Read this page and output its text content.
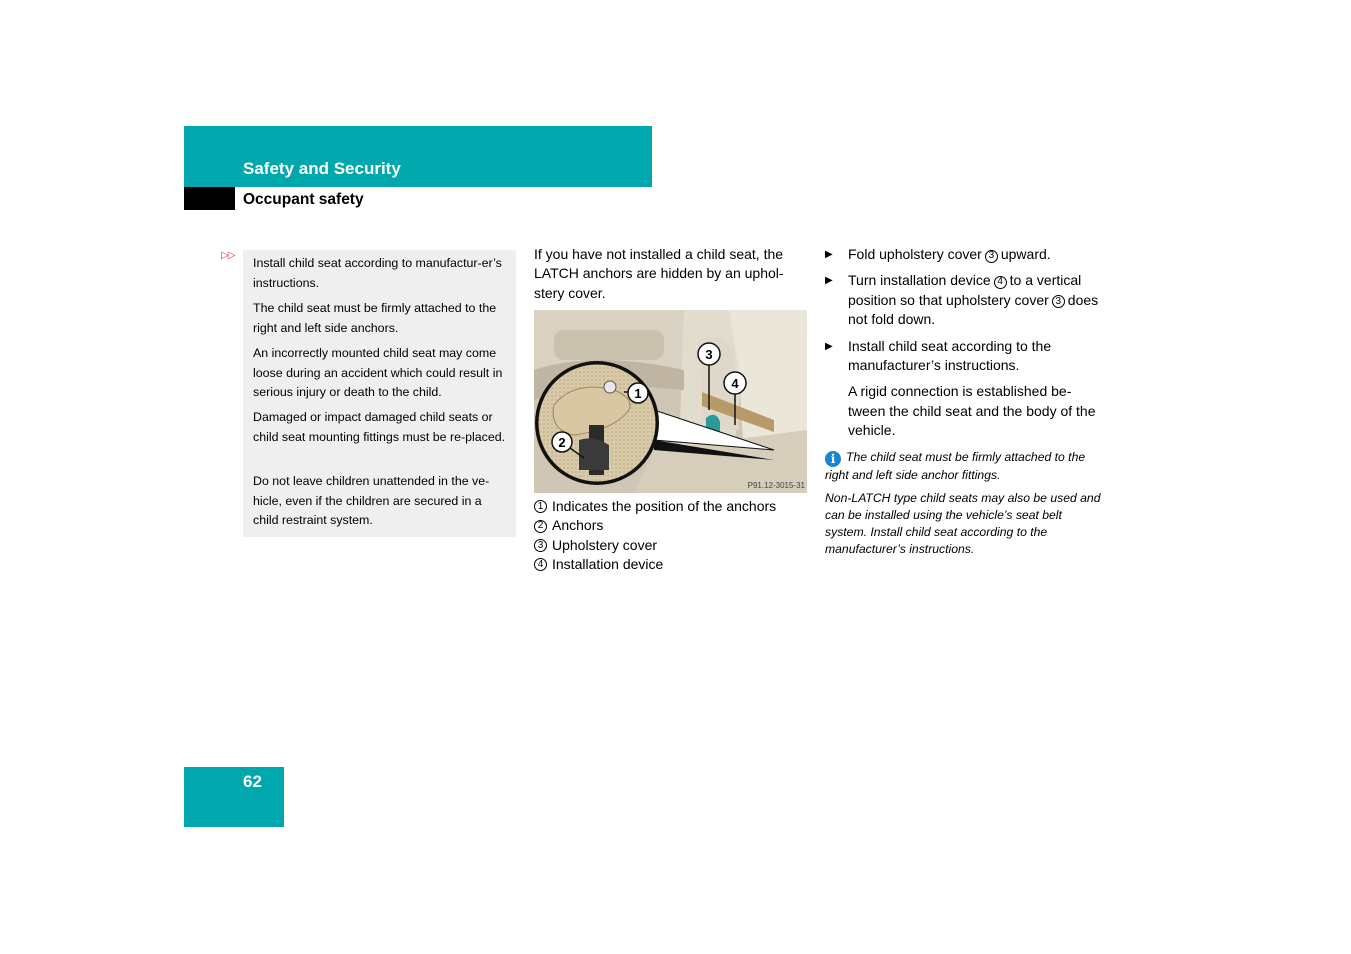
Safety and Security
Occupant safety
▷▷

Install child seat according to manufactur-er’s instructions.

The child seat must be firmly attached to the right and left side anchors.

An incorrectly mounted child seat may come loose during an accident which could result in serious injury or death to the child.

Damaged or impact damaged child seats or child seat mounting fittings must be re-placed.

Do not leave children unattended in the ve-hicle, even if the children are secured in a child restraint system.

If you have not installed a child seat, the LATCH anchors are hidden by an uphol-stery cover.

1
2
3
4
P91.12-3015-31
1 Indicates the position of the anchors
2 Anchors
3 Upholstery cover
4 Installation device

▶ Fold upholstery cover 3 upward.

▶ Turn installation device 4 to a vertical position so that upholstery cover 3 does not fold down.

▶ Install child seat according to the manufacturer’s instructions.

A rigid connection is established be-tween the child seat and the body of the vehicle.

i The child seat must be firmly attached to the right and left side anchor fittings.

Non-LATCH type child seats may also be used and can be installed using the vehicle’s seat belt system. Install child seat according to the manufacturer’s instructions.

62
